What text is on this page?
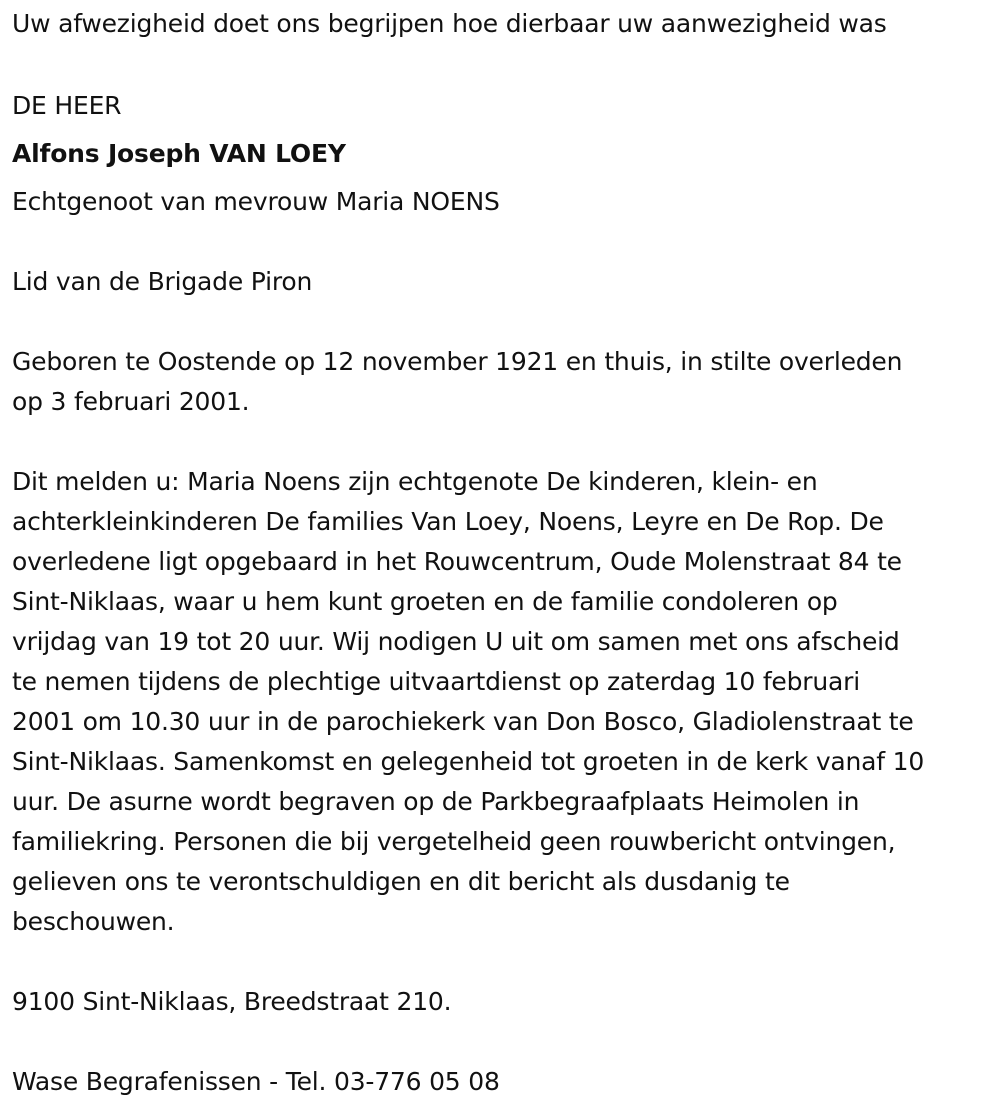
Uw afwezigheid doet ons begrijpen hoe dierbaar uw aanwezigheid was

DE HEER

Alfons Joseph VAN LOEY

Echtgenoot van mevrouw Maria NOENS

Lid van de Brigade Piron

Geboren te Oostende op 12 november 1921 en thuis, in stilte overleden

op 3 februari 2001.

Dit melden u: Maria Noens zijn echtgenote De kinderen, klein- en

achterkleinkinderen De families Van Loey, Noens, Leyre en De Rop. De

overledene ligt opgebaard in het Rouwcentrum, Oude Molenstraat 84 te

Sint-Niklaas, waar u hem kunt groeten en de familie condoleren op

vrijdag van 19 tot 20 uur. Wij nodigen U uit om samen met ons afscheid

te nemen tijdens de plechtige uitvaartdienst op zaterdag 10 februari

2001 om 10.30 uur in de parochiekerk van Don Bosco, Gladiolenstraat te

Sint-Niklaas. Samenkomst en gelegenheid tot groeten in de kerk vanaf 10

uur. De asurne wordt begraven op de Parkbegraafplaats Heimolen in

familiekring. Personen die bij vergetelheid geen rouwbericht ontvingen,

gelieven ons te verontschuldigen en dit bericht als dusdanig te

beschouwen.

9100 Sint-Niklaas, Breedstraat 210.

Wase Begrafenissen - Tel. 03-776 05 08
